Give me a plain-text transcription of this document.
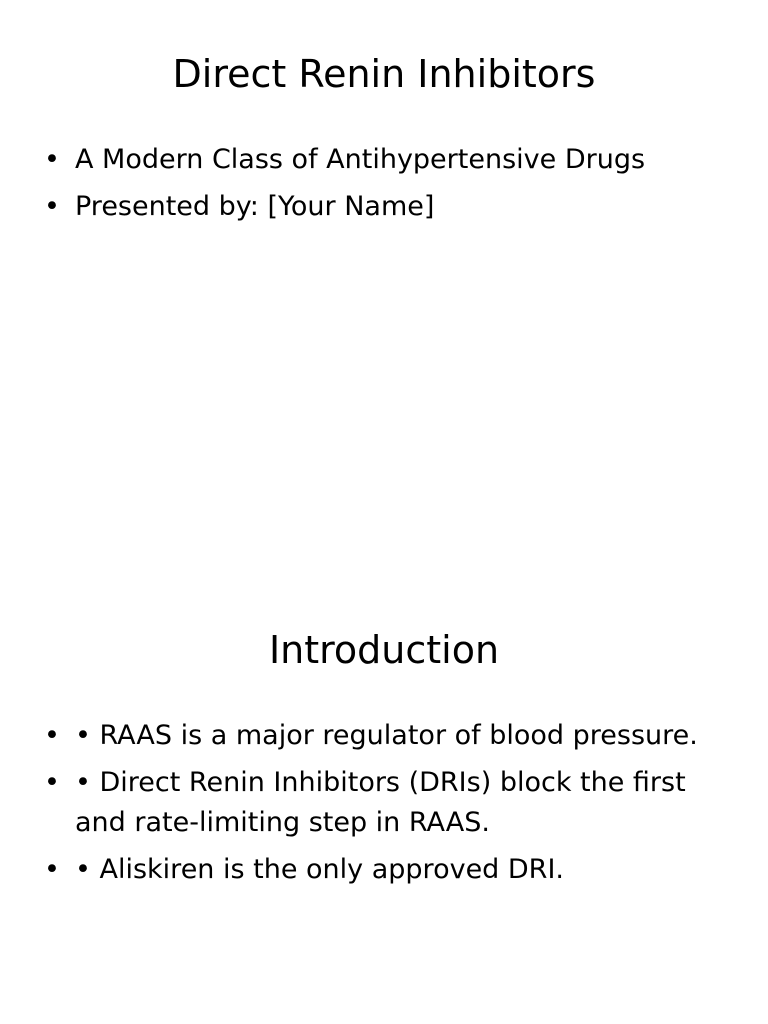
Direct Renin Inhibitors
• A Modern Class of Antihypertensive Drugs
• Presented by: [Your Name]
Introduction
• • RAAS is a major regulator of blood pressure.
• • Direct Renin Inhibitors (DRIs) block the first and rate-limiting step in RAAS.
• • Aliskiren is the only approved DRI.
